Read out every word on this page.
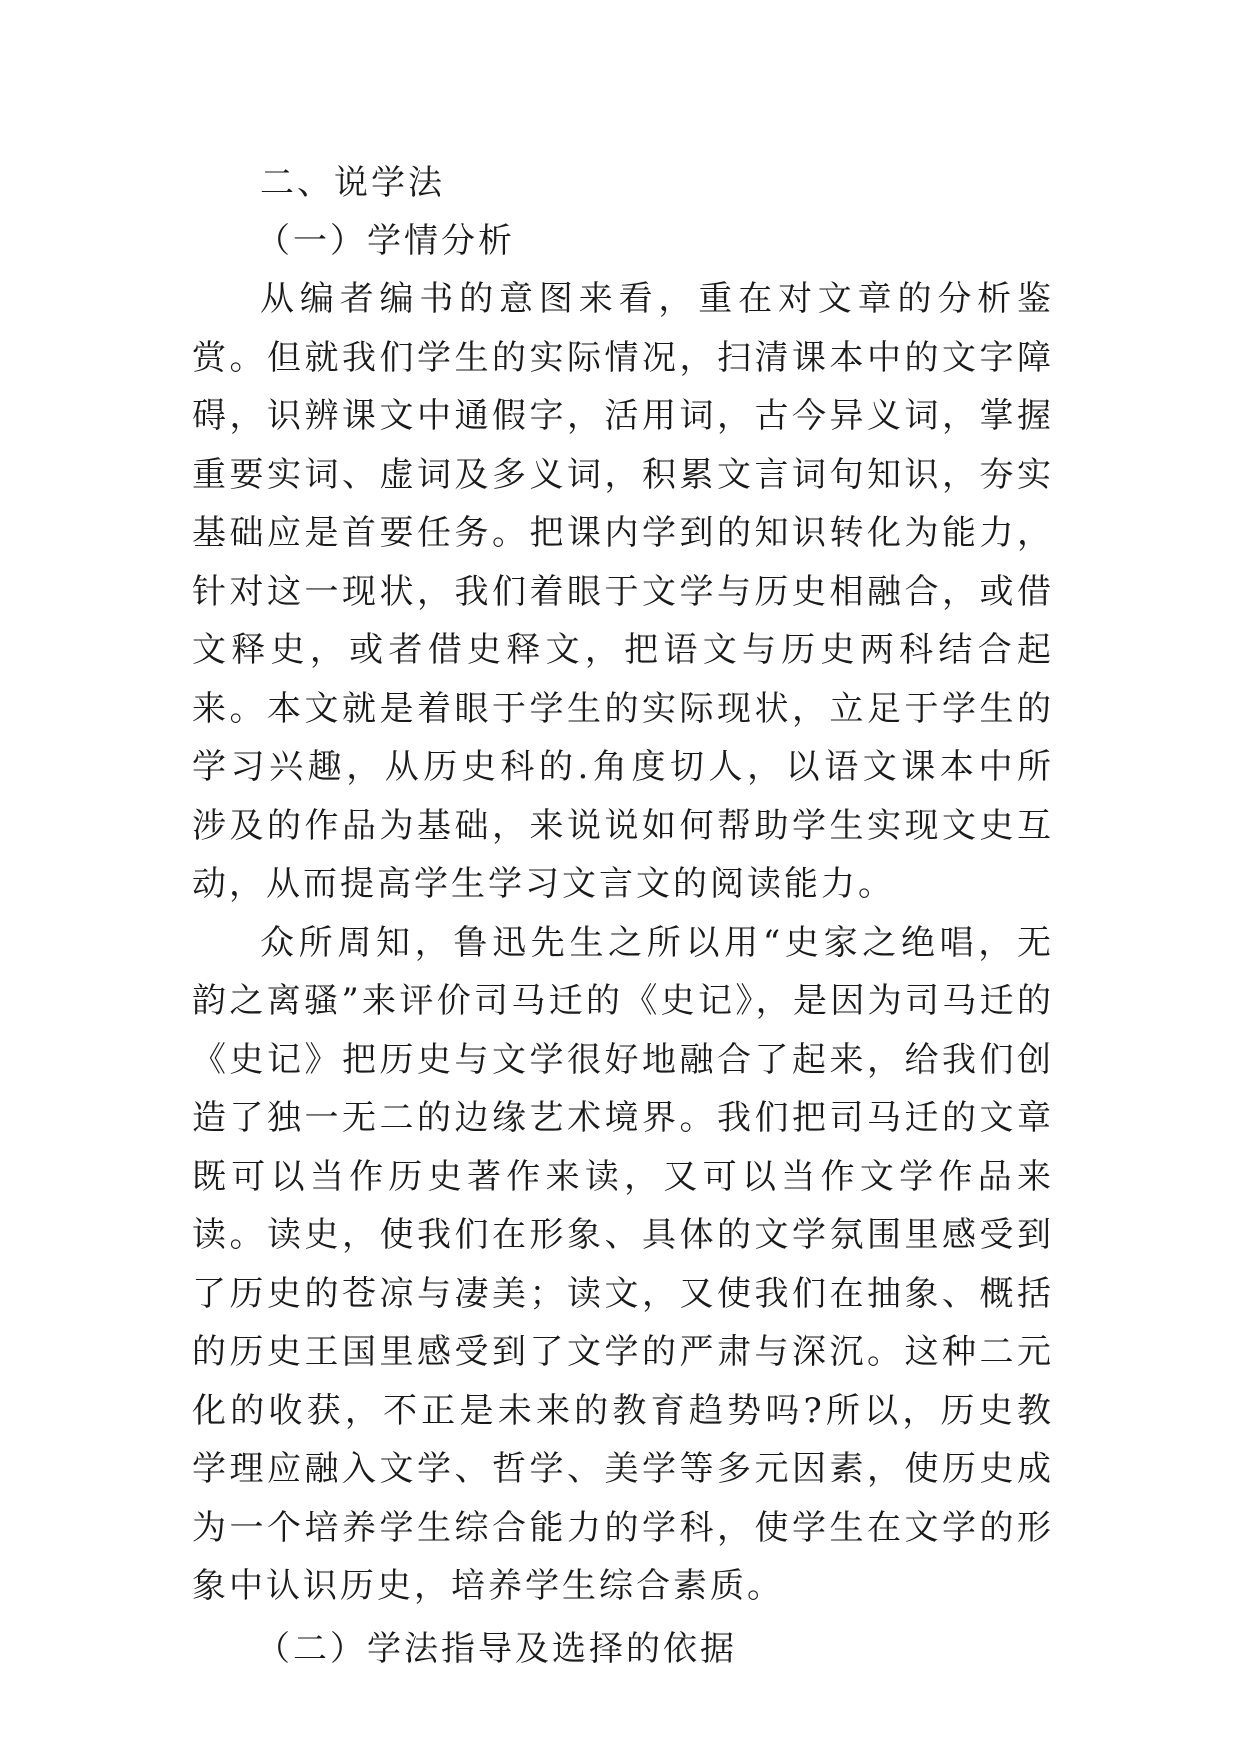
二、说学法

（一）学情分析

从编者编书的意图来看，重在对文章的分析鉴赏。但就我们学生的实际情况，扫清课本中的文字障碍，识辨课文中通假字，活用词，古今异义词，掌握重要实词、虚词及多义词，积累文言词句知识，夯实基础应是首要任务。把课内学到的知识转化为能力，针对这一现状，我们着眼于文学与历史相融合，或借文释史，或者借史释文，把语文与历史两科结合起来。本文就是着眼于学生的实际现状，立足于学生的学习兴趣，从历史科的.角度切人，以语文课本中所涉及的作品为基础，来说说如何帮助学生实现文史互动，从而提高学生学习文言文的阅读能力。

众所周知，鲁迅先生之所以用“史家之绝唱，无韵之离骚”来评价司马迁的《史记》，是因为司马迁的《史记》把历史与文学很好地融合了起来，给我们创造了独一无二的边缘艺术境界。我们把司马迁的文章既可以当作历史著作来读，又可以当作文学作品来读。读史，使我们在形象、具体的文学氛围里感受到了历史的苍凉与凄美；读文，又使我们在抽象、概括的历史王国里感受到了文学的严肃与深沉。这种二元化的收获，不正是未来的教育趋势吗?所以，历史教学理应融入文学、哲学、美学等多元因素，使历史成为一个培养学生综合能力的学科，使学生在文学的形象中认识历史，培养学生综合素质。

（二）学法指导及选择的依据
